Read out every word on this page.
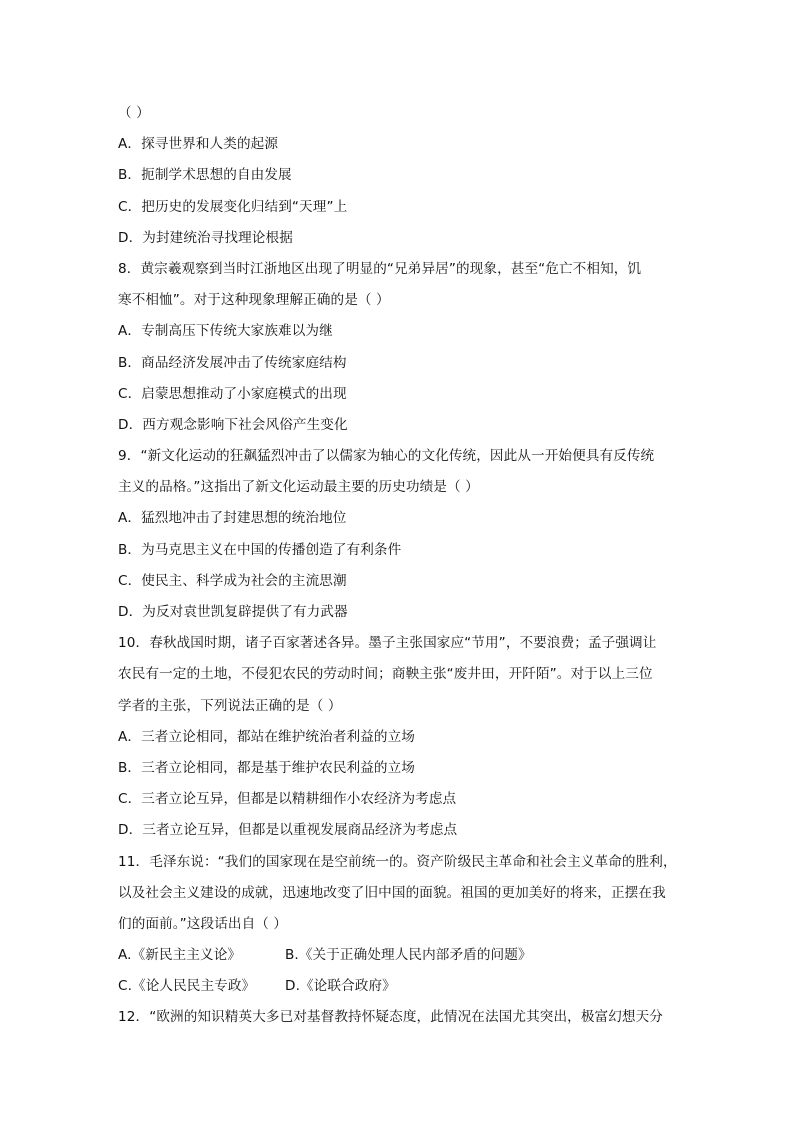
（ ）
A．探寻世界和人类的起源
B．扼制学术思想的自由发展
C．把历史的发展变化归结到“天理”上
D．为封建统治寻找理论根据
8．黄宗羲观察到当时江浙地区出现了明显的“兄弟异居”的现象，甚至“危亡不相知，饥
寒不相恤”。对于这种现象理解正确的是（ ）
A．专制高压下传统大家族难以为继
B．商品经济发展冲击了传统家庭结构
C．启蒙思想推动了小家庭模式的出现
D．西方观念影响下社会风俗产生变化
9．“新文化运动的狂飙猛烈冲击了以儒家为轴心的文化传统，因此从一开始便具有反传统
主义的品格。”这指出了新文化运动最主要的历史功绩是（ ）
A．猛烈地冲击了封建思想的统治地位
B．为马克思主义在中国的传播创造了有利条件
C．使民主、科学成为社会的主流思潮
D．为反对袁世凯复辟提供了有力武器
10．春秋战国时期，诸子百家著述各异。墨子主张国家应“节用”，不要浪费；孟子强调让
农民有一定的土地，不侵犯农民的劳动时间；商鞅主张“废井田，开阡陌”。对于以上三位
学者的主张，下列说法正确的是（ ）
A．三者立论相同，都站在维护统治者利益的立场
B．三者立论相同，都是基于维护农民利益的立场
C．三者立论互异，但都是以精耕细作小农经济为考虑点
D．三者立论互异，但都是以重视发展商品经济为考虑点
11．毛泽东说：“我们的国家现在是空前统一的。资产阶级民主革命和社会主义革命的胜利，
以及社会主义建设的成就，迅速地改变了旧中国的面貌。祖国的更加美好的将来，正摆在我
们的面前。”这段话出自（ ）
A.《新民主主义论》	B.《关于正确处理人民内部矛盾的问题》
C.《论人民民主专政》 D.《论联合政府》
12．“欧洲的知识精英大多已对基督教持怀疑态度，此情况在法国尤其突出，极富幻想天分
